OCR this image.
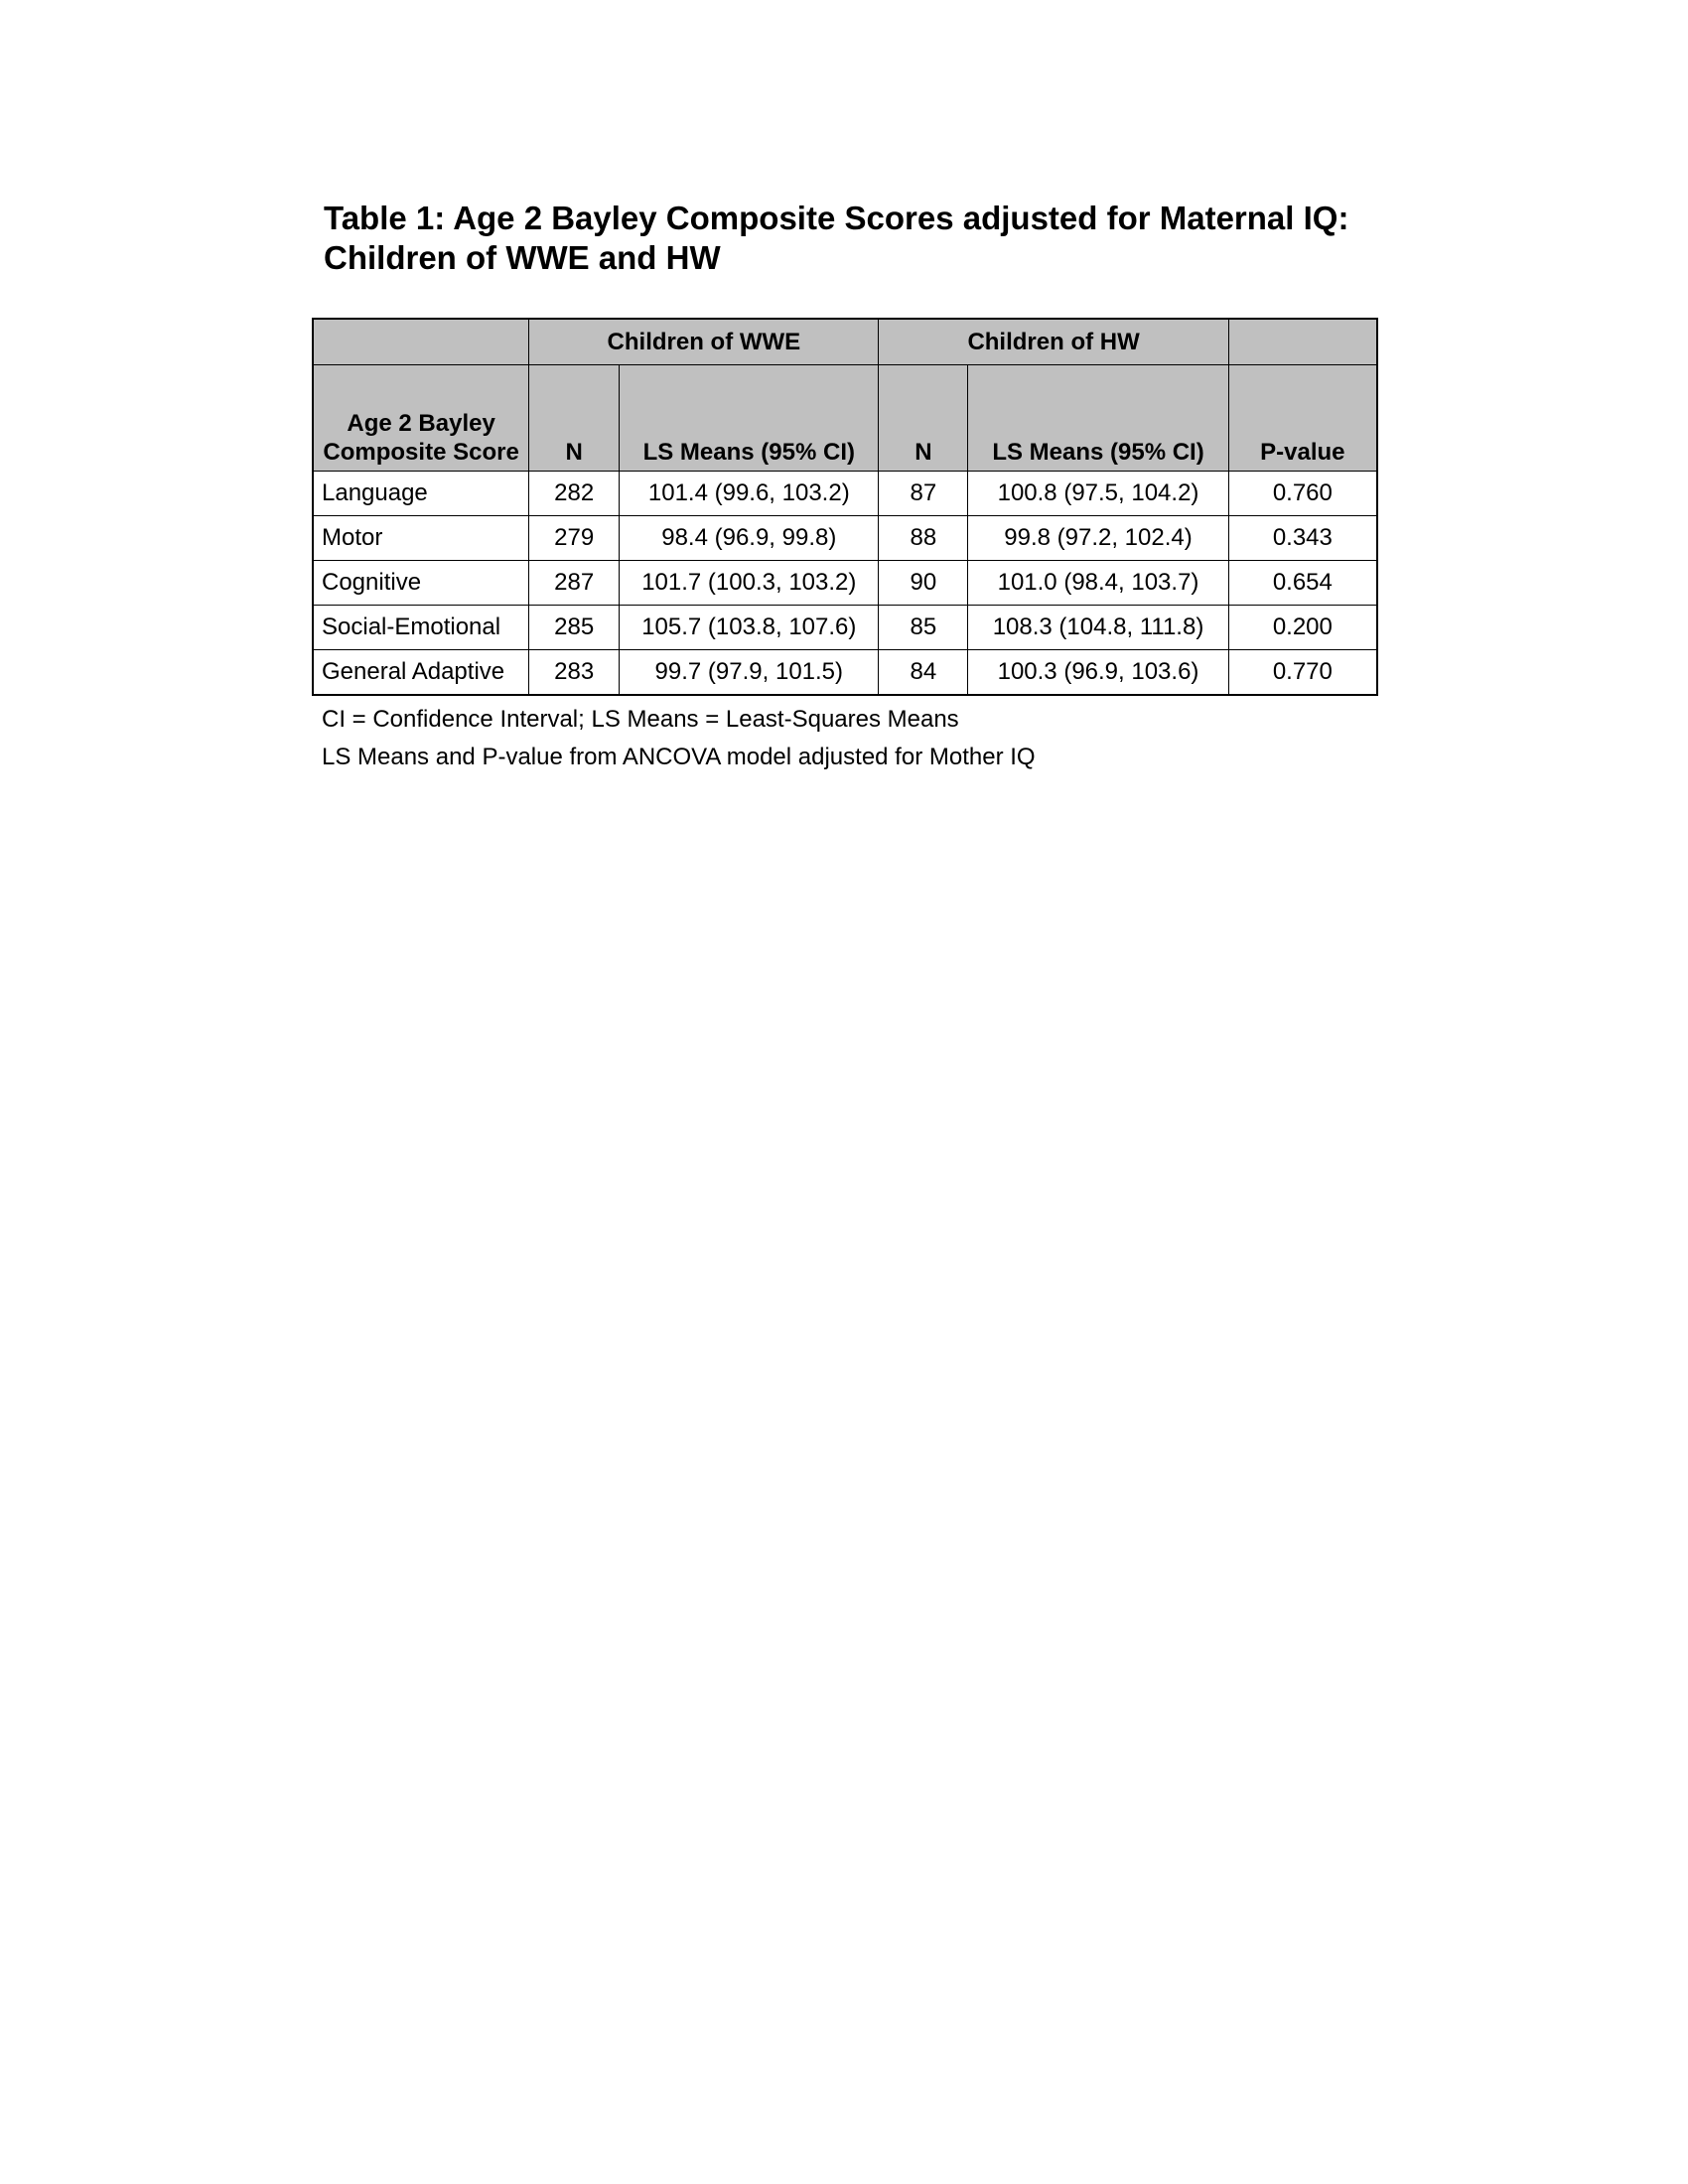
Table 1: Age 2 Bayley Composite Scores adjusted for Maternal IQ:
Children of WWE and HW
	Children of WWE		Children of HW		
Age 2 Bayley Composite Score	N	LS Means (95% CI)	N	LS Means (95% CI)	P-value
Language	282	101.4 (99.6, 103.2)	87	100.8 (97.5, 104.2)	0.760
Motor	279	98.4 (96.9, 99.8)	88	99.8 (97.2, 102.4)	0.343
Cognitive	287	101.7 (100.3, 103.2)	90	101.0 (98.4, 103.7)	0.654
Social-Emotional	285	105.7 (103.8, 107.6)	85	108.3 (104.8, 111.8)	0.200
General Adaptive	283	99.7 (97.9, 101.5)	84	100.3 (96.9, 103.6)	0.770

CI = Confidence Interval; LS Means = Least-Squares Means

LS Means and P-value from ANCOVA model adjusted for Mother IQ
